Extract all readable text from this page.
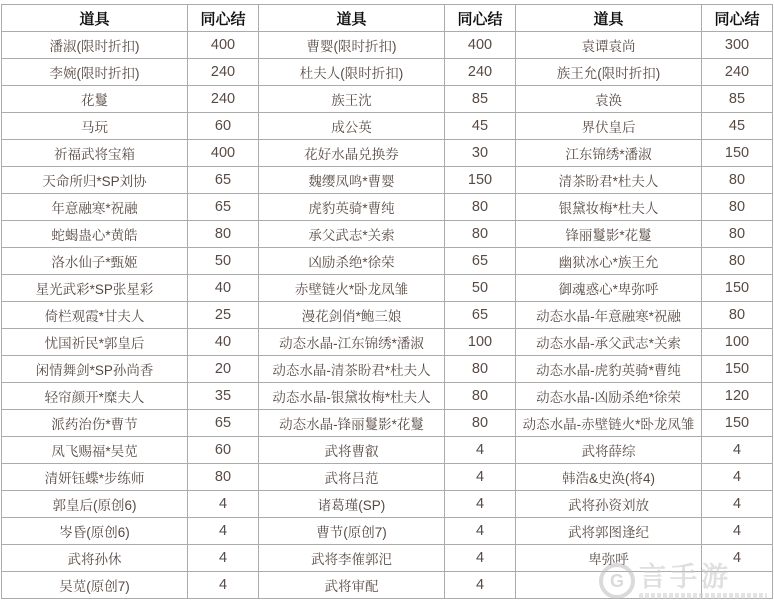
道具	同心结	道具	同心结	道具	同心结
潘淑(限时折扣)	400	曹婴(限时折扣)	400	袁谭袁尚	300
李婉(限时折扣)	240	杜夫人(限时折扣)	240	族王允(限时折扣)	240
花鬘	240	族王沈	85	袁涣	85
马玩	60	成公英	45	界伏皇后	45
祈福武将宝箱	400	花好水晶兑换券	30	江东锦绣*潘淑	150
天命所归*SP刘协	65	魏缨凤鸣*曹婴	150	清茶盼君*杜夫人	80
年意融寒*祝融	65	虎豹英骑*曹纯	80	银黛妆梅*杜夫人	80
蛇蝎蛊心*黄皓	80	承父武志*关索	80	锋丽鬘影*花鬘	80
洛水仙子*甄姬	50	凶励杀绝*徐荣	65	幽狱冰心*族王允	80
星光武彩*SP张星彩	40	赤壁链火*卧龙凤雏	50	御魂惑心*卑弥呼	150
倚栏观霞*甘夫人	25	漫花剑俏*鲍三娘	65	动态水晶-年意融寒*祝融	80
忧国祈民*郭皇后	40	动态水晶-江东锦绣*潘淑	100	动态水晶-承父武志*关索	100
闲情舞剑*SP孙尚香	20	动态水晶-清茶盼君*杜夫人	80	动态水晶-虎豹英骑*曹纯	150
轻帘颜开*糜夫人	35	动态水晶-银黛妆梅*杜夫人	80	动态水晶-凶励杀绝*徐荣	120
派药治伤*曹节	65	动态水晶-锋丽鬘影*花鬘	80	动态水晶-赤壁链火*卧龙凤雏	150
凤飞赐福*吴苋	60	武将曹叡	4	武将薛综	4
清妍钰蝶*步练师	80	武将吕范	4	韩浩&史涣(将4)	4
郭皇后(原创6)	4	诸葛瑾(SP)	4	武将孙资刘放	4
岑昏(原创6)	4	曹节(原创7)	4	武将郭图逢纪	4
武将孙休	4	武将李傕郭汜	4	卑弥呼	4
吴苋(原创7)	4	武将审配	4			G 言手游
